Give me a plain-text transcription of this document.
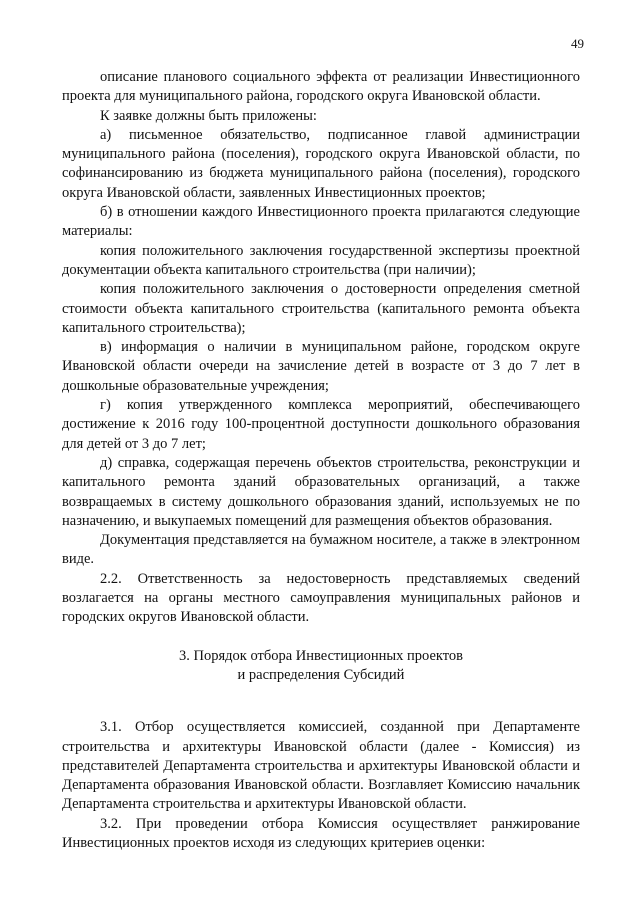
49

описание планового социального эффекта от реализации Инвестиционного проекта для муниципального района, городского округа Ивановской области.

К заявке должны быть приложены:

а) письменное обязательство, подписанное главой администрации муниципального района (поселения), городского округа Ивановской области, по софинансированию из бюджета муниципального района (поселения), городского округа Ивановской области, заявленных Инвестиционных проектов;

б) в отношении каждого Инвестиционного проекта прилагаются следующие материалы:

копия положительного заключения государственной экспертизы проектной документации объекта капитального строительства (при наличии);

копия положительного заключения о достоверности определения сметной стоимости объекта капитального строительства (капитального ремонта объекта капитального строительства);

в) информация о наличии в муниципальном районе, городском округе Ивановской области очереди на зачисление детей в возрасте от 3 до 7 лет в дошкольные образовательные учреждения;

г) копия утвержденного комплекса мероприятий, обеспечивающего достижение к 2016 году 100-процентной доступности дошкольного образования для детей от 3 до 7 лет;

д) справка, содержащая перечень объектов строительства, реконструкции и капитального ремонта зданий образовательных организаций, а также возвращаемых в систему дошкольного образования зданий, используемых не по назначению, и выкупаемых помещений для размещения объектов образования.

Документация представляется на бумажном носителе, а также в электронном виде.

2.2. Ответственность за недостоверность представляемых сведений возлагается на органы местного самоуправления муниципальных районов и городских округов Ивановской области.

3. Порядок отбора Инвестиционных проектов
и распределения Субсидий

3.1. Отбор осуществляется комиссией, созданной при Департаменте строительства и архитектуры Ивановской области (далее - Комиссия) из представителей Департамента строительства и архитектуры Ивановской области и Департамента образования Ивановской области. Возглавляет Комиссию начальник Департамента строительства и архитектуры Ивановской области.

3.2. При проведении отбора Комиссия осуществляет ранжирование Инвестиционных проектов исходя из следующих критериев оценки:
